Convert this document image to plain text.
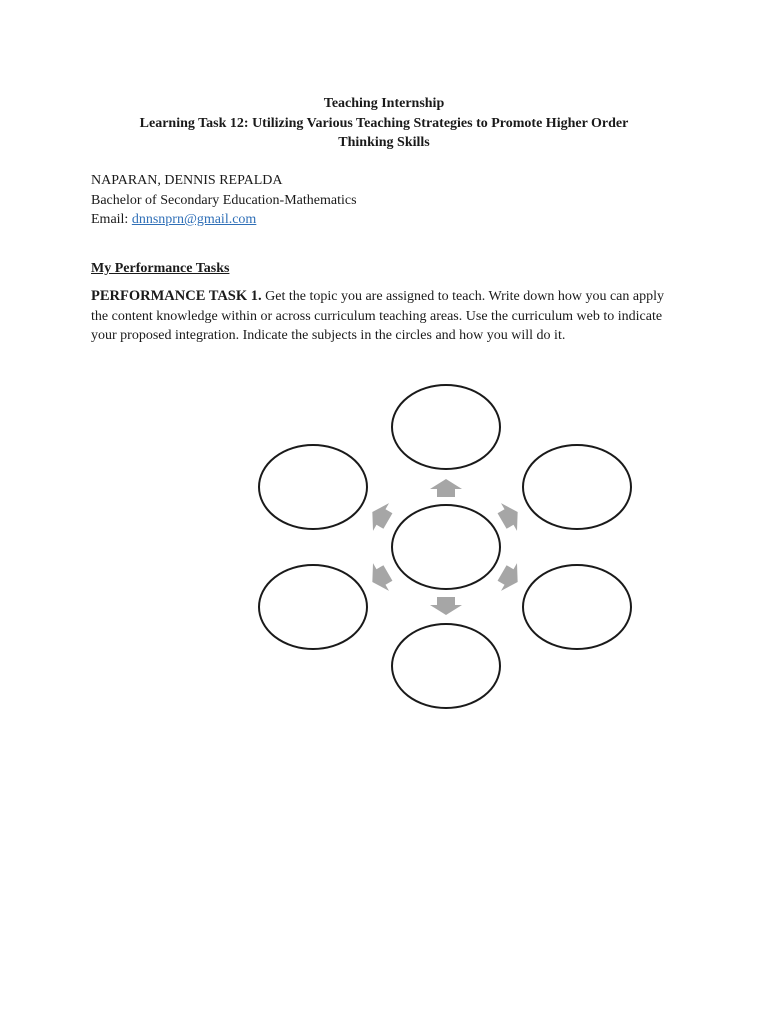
Teaching Internship
Learning Task 12: Utilizing Various Teaching Strategies to Promote Higher Order
Thinking Skills
NAPARAN, DENNIS REPALDA
Bachelor of Secondary Education-Mathematics
Email: dnnsnprn@gmail.com
My Performance Tasks
PERFORMANCE TASK 1. Get the topic you are assigned to teach. Write down how you can apply the content knowledge within or across curriculum teaching areas. Use the curriculum web to indicate your proposed integration. Indicate the subjects in the circles and how you will do it.
